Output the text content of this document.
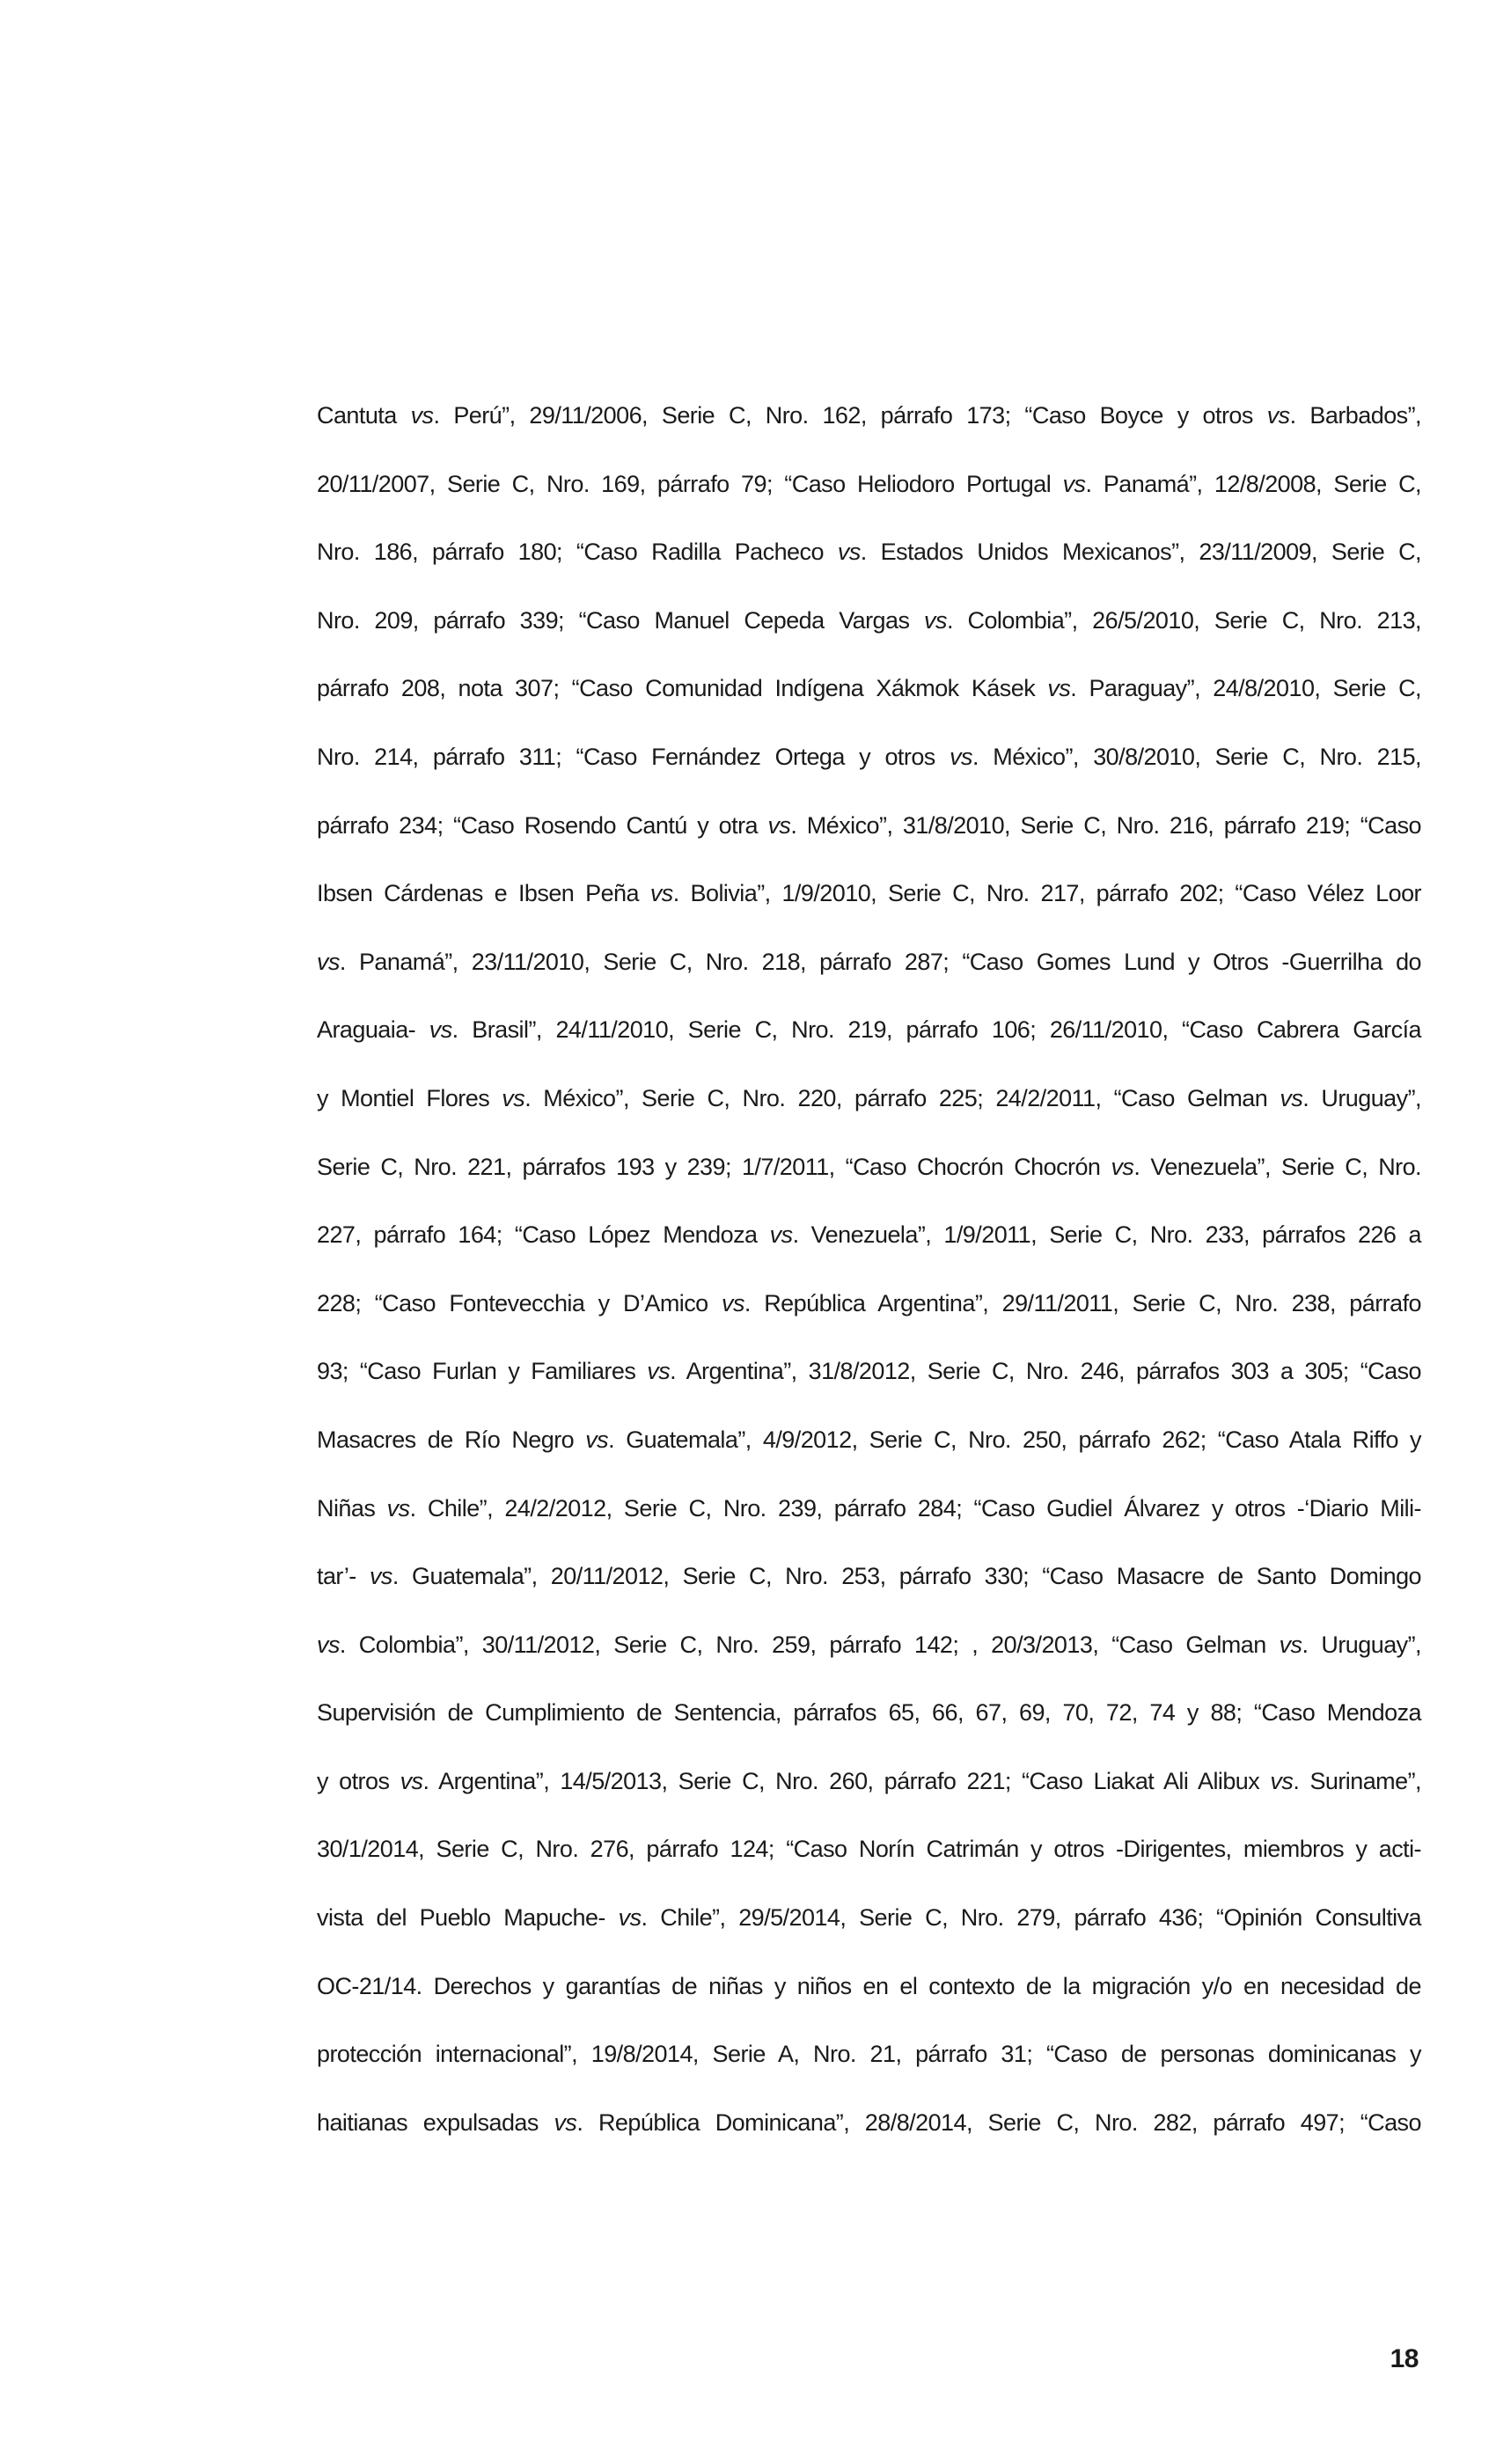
Cantuta vs. Perú”, 29/11/2006, Serie C, Nro. 162, párrafo 173; “Caso Boyce y otros vs. Barbados”,
20/11/2007, Serie C, Nro. 169, párrafo 79; “Caso Heliodoro Portugal vs. Panamá”, 12/8/2008, Serie C,
Nro. 186, párrafo 180; “Caso Radilla Pacheco vs. Estados Unidos Mexicanos”, 23/11/2009, Serie C,
Nro. 209, párrafo 339; “Caso Manuel Cepeda Vargas vs. Colombia”, 26/5/2010, Serie C, Nro. 213,
párrafo 208, nota 307; “Caso Comunidad Indígena Xákmok Kásek vs. Paraguay”, 24/8/2010, Serie C,
Nro. 214, párrafo 311; “Caso Fernández Ortega y otros vs. México”, 30/8/2010, Serie C, Nro. 215,
párrafo 234; “Caso Rosendo Cantú y otra vs. México”, 31/8/2010, Serie C, Nro. 216, párrafo 219; “Caso
Ibsen Cárdenas e Ibsen Peña vs. Bolivia”, 1/9/2010, Serie C, Nro. 217, párrafo 202; “Caso Vélez Loor
vs. Panamá”, 23/11/2010, Serie C, Nro. 218, párrafo 287; “Caso Gomes Lund y Otros -Guerrilha do
Araguaia- vs. Brasil”, 24/11/2010, Serie C, Nro. 219, párrafo 106; 26/11/2010, “Caso Cabrera García
y Montiel Flores vs. México”, Serie C, Nro. 220, párrafo 225; 24/2/2011, “Caso Gelman vs. Uruguay”,
Serie C, Nro. 221, párrafos 193 y 239; 1/7/2011, “Caso Chocrón Chocrón vs. Venezuela”, Serie C, Nro.
227, párrafo 164; “Caso López Mendoza vs. Venezuela”, 1/9/2011, Serie C, Nro. 233, párrafos 226 a
228; “Caso Fontevecchia y D’Amico vs. República Argentina”, 29/11/2011, Serie C, Nro. 238, párrafo
93; “Caso Furlan y Familiares vs. Argentina”, 31/8/2012, Serie C, Nro. 246, párrafos 303 a 305; “Caso
Masacres de Río Negro vs. Guatemala”, 4/9/2012, Serie C, Nro. 250, párrafo 262; “Caso Atala Riffo y
Niñas vs. Chile”, 24/2/2012, Serie C, Nro. 239, párrafo 284; “Caso Gudiel Álvarez y otros -‘Diario Mili-
tar’- vs. Guatemala”, 20/11/2012, Serie C, Nro. 253, párrafo 330; “Caso Masacre de Santo Domingo
vs. Colombia”, 30/11/2012, Serie C, Nro. 259, párrafo 142; , 20/3/2013, “Caso Gelman vs. Uruguay”,
Supervisión de Cumplimiento de Sentencia, párrafos 65, 66, 67, 69, 70, 72, 74 y 88; “Caso Mendoza
y otros vs. Argentina”, 14/5/2013, Serie C, Nro. 260, párrafo 221; “Caso Liakat Ali Alibux vs. Suriname”,
30/1/2014, Serie C, Nro. 276, párrafo 124; “Caso Norín Catrimán y otros -Dirigentes, miembros y acti-
vista del Pueblo Mapuche- vs. Chile”, 29/5/2014, Serie C, Nro. 279, párrafo 436; “Opinión Consultiva
OC-21/14. Derechos y garantías de niñas y niños en el contexto de la migración y/o en necesidad de
protección internacional”, 19/8/2014, Serie A, Nro. 21, párrafo 31; “Caso de personas dominicanas y
haitianas expulsadas vs. República Dominicana”, 28/8/2014, Serie C, Nro. 282, párrafo 497; “Caso
18
